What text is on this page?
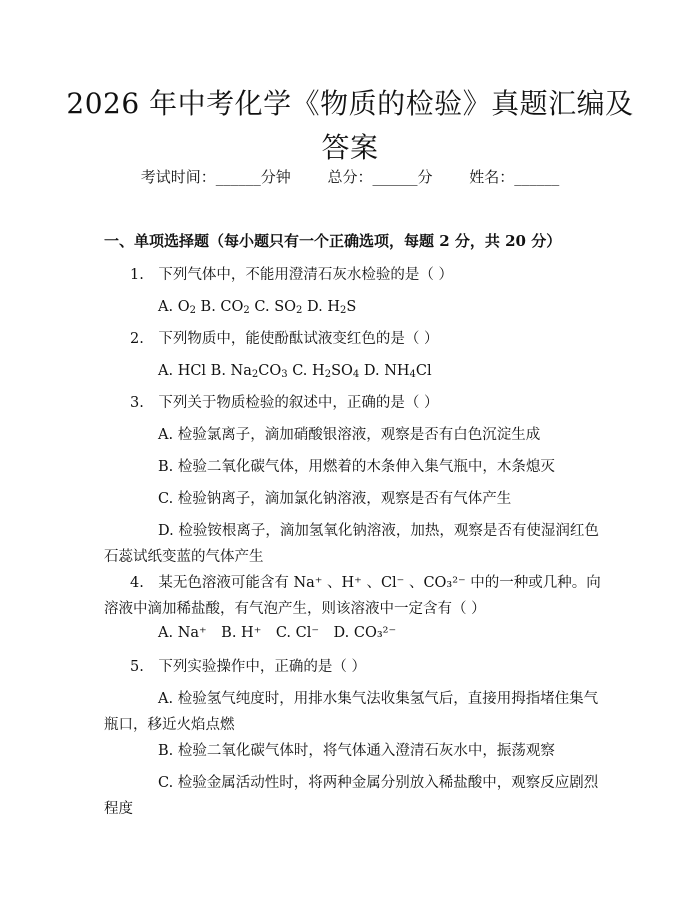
2026 年中考化学《物质的检验》真题汇编及答案
考试时间：______分钟 总分：______分 姓名：______
一、单项选择题（每小题只有一个正确选项，每题 2 分，共 20 分）
1.　下列气体中，不能用澄清石灰水检验的是（ ）
A. $O_2$ B. $CO_2$ C. $SO_2$ D. $H_2S$
2.　下列物质中，能使酚酞试液变红色的是（ ）
A. HCl B. $Na_2CO_3$ C. $H_2SO_4$ D. $NH_4Cl$
3.　下列关于物质检验的叙述中，正确的是（ ）
A. 检验氯离子，滴加硝酸银溶液，观察是否有白色沉淀生成
B. 检验二氧化碳气体，用燃着的木条伸入集气瓶中，木条熄灭
C. 检验钠离子，滴加氯化钠溶液，观察是否有气体产生
D. 检验铵根离子，滴加氢氧化钠溶液，加热，观察是否有使湿润红色石蕊试纸变蓝的气体产生
4.　某无色溶液可能含有 Na⁺ 、H⁺ 、Cl⁻ 、CO₃²⁻ 中的一种或几种。向溶液中滴加稀盐酸，有气泡产生，则该溶液中一定含有（ ）
A. Na⁺　B. H⁺　C. Cl⁻　D. CO₃²⁻
5.　下列实验操作中，正确的是（ ）
A. 检验氢气纯度时，用排水集气法收集氢气后，直接用拇指堵住集气瓶口，移近火焰点燃
B. 检验二氧化碳气体时，将气体通入澄清石灰水中，振荡观察
C. 检验金属活动性时，将两种金属分别放入稀盐酸中，观察反应剧烈程度
